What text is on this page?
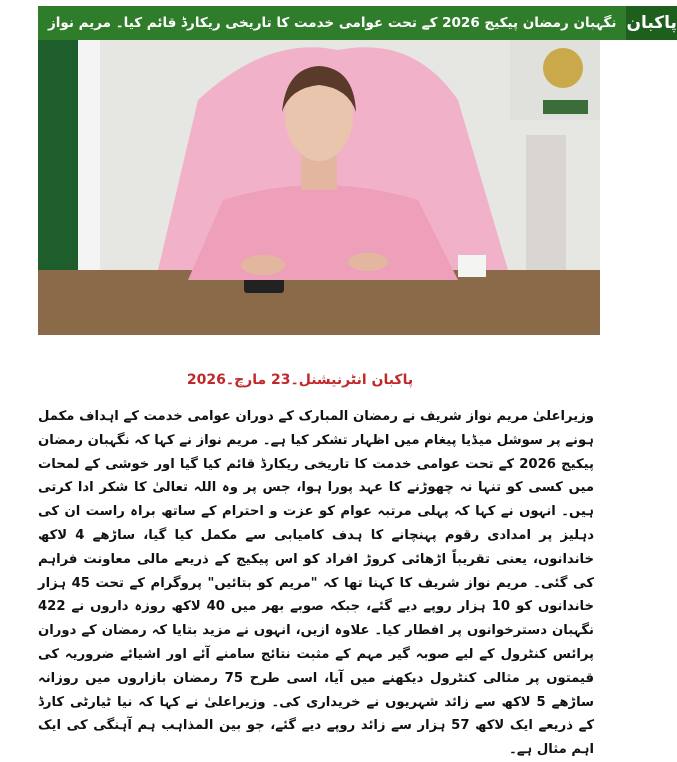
نگہبان رمضان پیکیج 2026 کے تحت عوامی خدمت کا تاریخی ریکارڈ قائم کیا۔ مریم نواز پاکبان
پاکبان انٹرنیشنل۔23 مارچ۔2026
وزیراعلیٰ مریم نواز شریف نے رمضان المبارک کے دوران عوامی خدمت کے اہداف مکمل ہونے پر سوشل میڈیا پیغام میں اظہار تشکر کیا ہے۔ مریم نواز نے کہا کہ نگہبان رمضان پیکیج 2026 کے تحت عوامی خدمت کا تاریخی ریکارڈ قائم کیا گیا اور خوشی کے لمحات میں کسی کو تنہا نہ چھوڑنے کا عہد پورا ہوا، جس پر وہ اللہ تعالیٰ کا شکر ادا کرتی ہیں۔ انہوں نے کہا کہ پہلی مرتبہ عوام کو عزت و احترام کے ساتھ براہ راست ان کی دہلیز پر امدادی رقوم پہنچانے کا ہدف کامیابی سے مکمل کیا گیا، ساڑھے 4 لاکھ خاندانوں، یعنی تقریباً اڑھائی کروڑ افراد کو اس پیکیج کے ذریعے مالی معاونت فراہم کی گئی۔ مریم نواز شریف کا کہنا تھا کہ "مریم کو بتائیں" پروگرام کے تحت 45 ہزار خاندانوں کو 10 ہزار روپے دیے گئے، جبکہ صوبے بھر میں 40 لاکھ روزہ داروں نے 422 نگہبان دسترخوانوں پر افطار کیا۔ علاوہ ازیں، انہوں نے مزید بتایا کہ رمضان کے دوران پرائس کنٹرول کے لیے صوبہ گیر مہم کے مثبت نتائج سامنے آئے اور اشیائے ضروریہ کی قیمتوں پر مثالی کنٹرول دیکھنے میں آیا، اسی طرح 75 رمضان بازاروں میں روزانہ ساڑھے 5 لاکھ سے زائد شہریوں نے خریداری کی۔ وزیراعلیٰ نے کہا کہ نیا ٹیارٹی کارڈ کے ذریعے ایک لاکھ 57 ہزار سے زائد روپے دیے گئے، جو بین المذاہب ہم آہنگی کی ایک اہم مثال ہے۔
